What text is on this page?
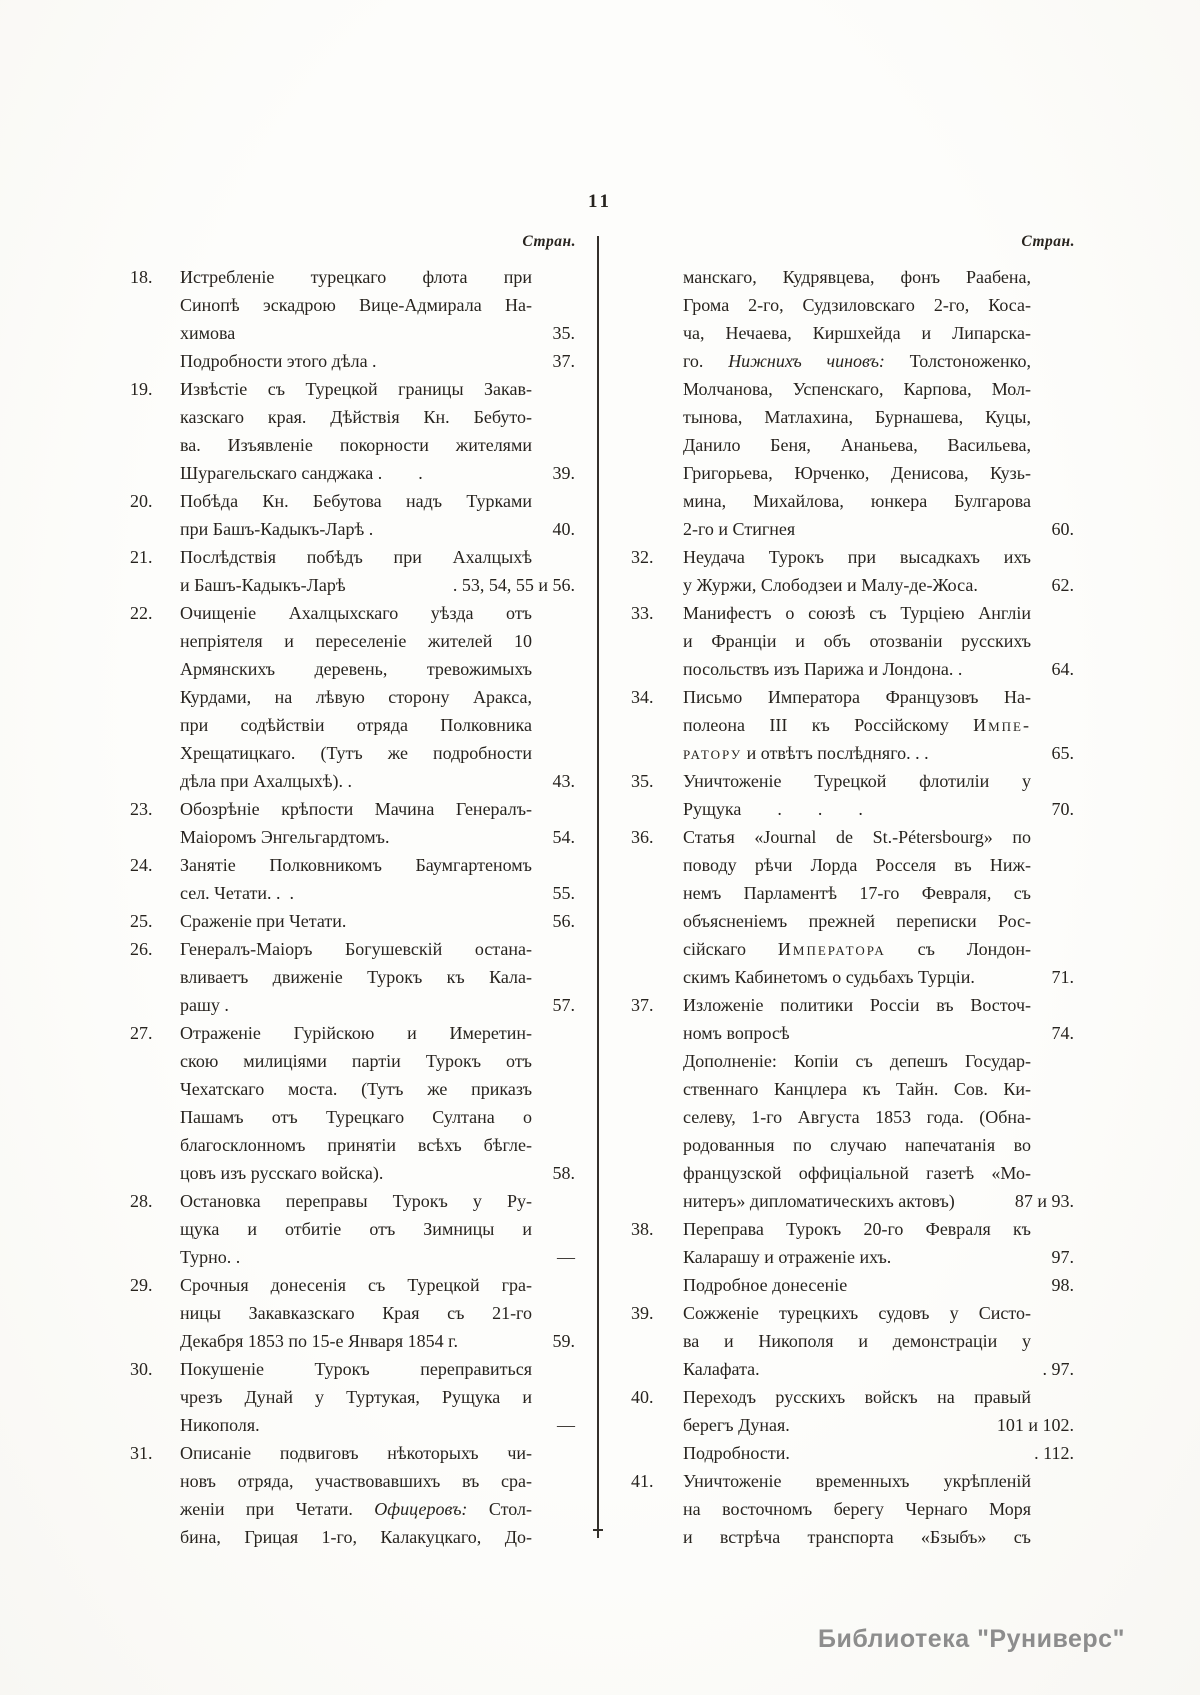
11
Стран.
18.	Истребленіе турецкаго флота при
Синопѣ эскадрою Вице-Адмирала На-
химова	35.
Подробности этого дѣла .	37.
19.	Извѣстіе съ Турецкой границы Закав-
казскаго края. Дѣйствія Кн. Бебуто-
ва. Изъявленіе покорности жителями
Шурагельскаго санджака .  .	39.
20.	Побѣда Кн. Бебутова надъ Турками
при Башъ-Кадыкъ-Ларѣ .	40.
21.	Послѣдствія побѣдъ при Ахалцыхѣ
и Башъ-Кадыкъ-Ларѣ	. 53, 54, 55 и 56.
22.	Очищеніе Ахалцыхскаго уѣзда отъ
непріятеля и переселеніе жителей 10
Армянскихъ деревень, тревожимыхъ
Курдами, на лѣвую сторону Аракса,
при содѣйствіи отряда Полковника
Хрещатицкаго. (Тутъ же подробности
дѣла при Ахалцыхѣ). .	43.
23.	Обозрѣніе крѣпости Мачина Генералъ-
Маіоромъ Энгельгардтомъ.	54.
24.	Занятіе Полковникомъ Баумгартеномъ
сел. Четати. . .	55.
25.	Сраженіе при Четати.	56.
26.	Генералъ-Маіоръ Богушевскій остана-
вливаетъ движеніе Турокъ къ Кала-
рашу .	57.
27.	Отраженіе Гурійскою и Имеретин-
скою милиціями партіи Турокъ отъ
Чехатскаго моста. (Тутъ же приказъ
Пашамъ отъ Турецкаго Султана о
благосклонномъ принятіи всѣхъ бѣгле-
цовъ изъ русскаго войска).	58.
28.	Остановка переправы Турокъ у Ру-
щука и отбитіе отъ Зимницы и
Турно. .	—
29.	Срочныя донесенія съ Турецкой гра-
ницы Закавказскаго Края съ 21-го
Декабря 1853 по 15-е Января 1854 г.	59.
30.	Покушеніе Турокъ переправиться
чрезъ Дунай у Туртукая, Рущука и
Никополя.	—
31.	Описаніе подвиговъ нѣкоторыхъ чи-
новъ отряда, участвовавшихъ въ сра-
женіи при Четати. Офицеровъ: Стол-
бина, Грицая 1-го, Калакуцкаго, До-
Стран.
манскаго, Кудрявцева, фонъ Раабена,
Грома 2-го, Судзиловскаго 2-го, Коса-
ча, Нечаева, Киршхейда и Липарска-
го. Нижнихъ чиновъ: Толстоноженко,
Молчанова, Успенскаго, Карпова, Мол-
тынова, Матлахина, Бурнашева, Куцы,
Данило Беня, Ананьева, Васильева,
Григорьева, Юрченко, Денисова, Кузь-
мина, Михайлова, юнкера Булгарова
2-го и Стигнея	60.
32.	Неудача Турокъ при высадкахъ ихъ
у Журжи, Слободзеи и Малу-де-Жоса.	62.
33.	Манифестъ о союзѣ съ Турціею Англіи
и Франціи и объ отозваніи русскихъ
посольствъ изъ Парижа и Лондона. .	64.
34.	Письмо Императора Французовъ На-
полеона III къ Россійскому Импе-
ратору и отвѣтъ послѣдняго. . .	65.
35.	Уничтоженіе Турецкой флотиліи у
Рущука  .  .  .	70.
36.	Статья «Journal de St.-Pétersbourg» по
поводу рѣчи Лорда Росселя въ Ниж-
немъ Парламентѣ 17-го Февраля, съ
объясненіемъ прежней переписки Рос-
сійскаго Императора съ Лондон-
скимъ Кабинетомъ о судьбахъ Турціи.	71.
37.	Изложеніе политики Россіи въ Восточ-
номъ вопросѣ	74.
Дополненіе: Копіи съ депешъ Государ-
ственнаго Канцлера къ Тайн. Сов. Ки-
селеву, 1-го Августа 1853 года. (Обна-
родованныя по случаю напечатанія во
французской оффиціальной газетѣ «Мо-
нитеръ» дипломатическихъ актовъ)	87 и 93.
38.	Переправа Турокъ 20-го Февраля къ
Каларашу и отраженіе ихъ.	97.
Подробное донесеніе	98.
39.	Сожженіе турецкихъ судовъ у Систо-
ва и Никополя и демонстраціи у
Калафата.	. 97.
40.	Переходъ русскихъ войскъ на правый
берегъ Дуная.	101 и 102.
Подробности.	. 112.
41.	Уничтоженіе временныхъ укрѣпленій
на восточномъ берегу Чернаго Моря
и встрѣча транспорта «Бзыбъ» съ
Библиотека "Руниверс"
